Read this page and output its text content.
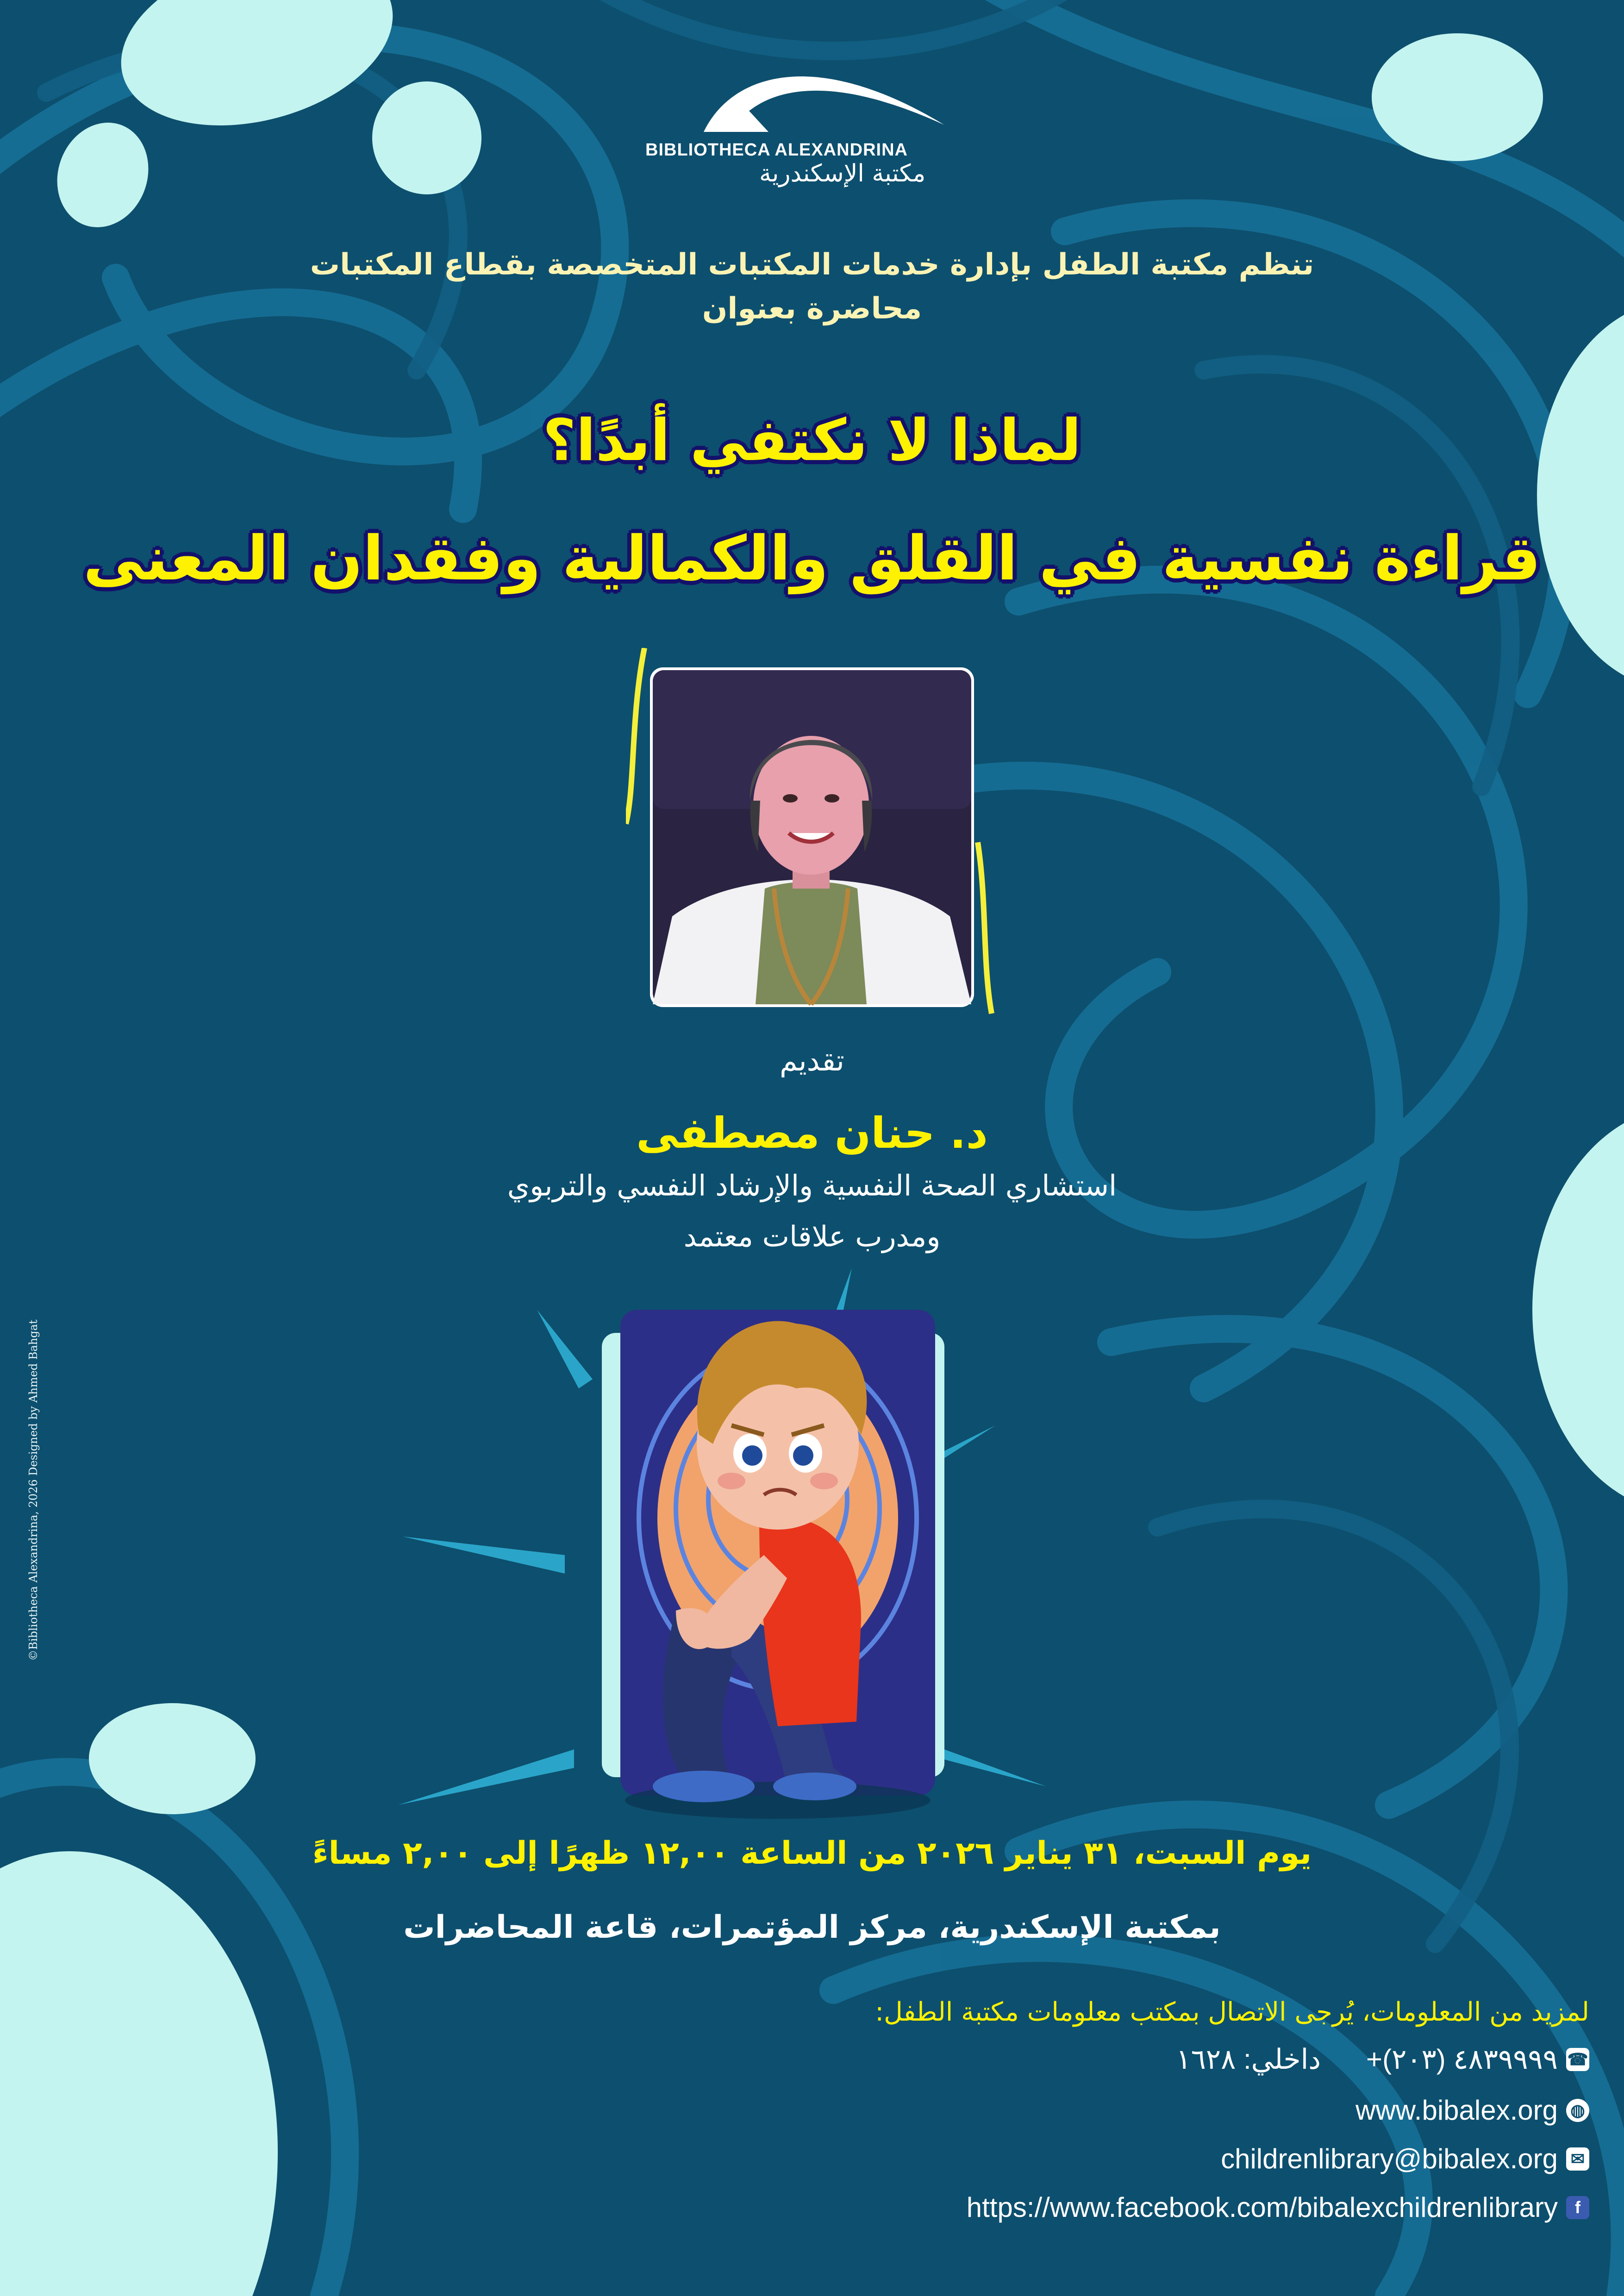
BIBLIOTHECA ALEXANDRINA
مكتبة الإسكندرية
تنظم مكتبة الطفل بإدارة خدمات المكتبات المتخصصة بقطاع المكتبات
محاضرة بعنوان
لماذا لا نكتفي أبدًا؟
قراءة نفسية في القلق والكمالية وفقدان المعنى
تقديم
د. حنان مصطفى
استشاري الصحة النفسية والإرشاد النفسي والتربوي
ومدرب علاقات معتمد
يوم السبت، ٣١ يناير ٢٠٢٦ من الساعة ١٢,٠٠ ظهرًا إلى ٢,٠٠ مساءً
بمكتبة الإسكندرية، مركز المؤتمرات، قاعة المحاضرات
لمزيد من المعلومات، يُرجى الاتصال بمكتب معلومات مكتبة الطفل:
داخلي: ١٦٢٨ +(٢٠٣) ٤٨٣٩٩٩٩ ☎
www.bibalex.org ◍
childrenlibrary@bibalex.org ✉
https://www.facebook.com/bibalexchildrenlibrary	f
©Bibliotheca Alexandrina, 2026 Designed by Ahmed Bahgat
